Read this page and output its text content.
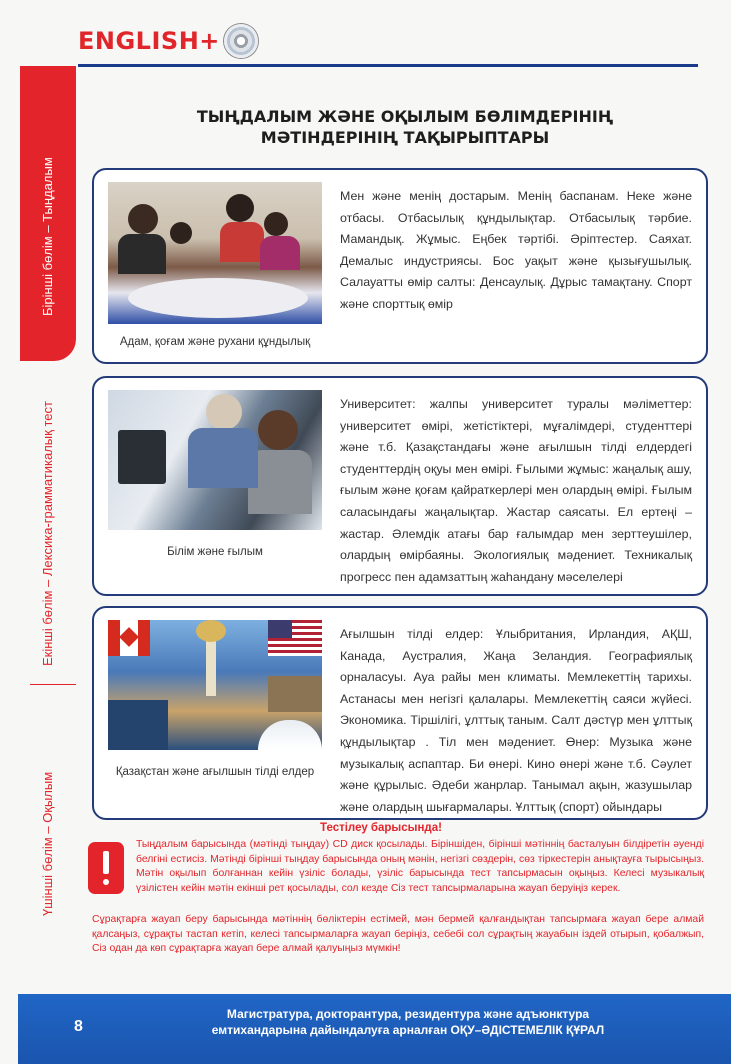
ENGLISH+
Бірінші бөлім – Тыңдалым
Екінші бөлім – Лексика-грамматикалық тест
Үшінші бөлім – Оқылым
ТЫҢДАЛЫМ ЖӘНЕ ОҚЫЛЫМ БӨЛІМДЕРІНІҢ
МӘТІНДЕРІНІҢ ТАҚЫРЫПТАРЫ
Адам, қоғам және рухани құндылық
Мен және менің достарым. Менің баспанам. Неке және отбасы. Отбасылық құндылықтар. Отбасылық тәрбие. Мамандық. Жұмыс. Еңбек тәртібі. Әріптестер. Саяхат. Демалыс индустриясы. Бос уақыт және қызығушылық. Салауатты өмір салты: Денсаулық. Дұрыс тамақтану. Спорт және спорттық өмір
Білім және ғылым
Университет: жалпы университет туралы мәліметтер: университет өмірі, жетістіктері, мұғалімдері, студенттері және т.б. Қазақстандағы және ағылшын тілді елдердегі студенттердің оқуы мен өмірі. Ғылыми жұмыс: жаңалық ашу, ғылым және қоғам қайраткерлері мен олардың өмірі. Ғылым саласындағы жаңалықтар. Жастар саясаты. Ел ертеңі – жастар. Әлемдік атағы бар ғалымдар мен зерттеушілер, олардың өмірбаяны. Экологиялық мәдениет. Техникалық прогресс пен адамзаттың жаһандану мәселелері
Қазақстан және ағылшын тілді елдер
Ағылшын тілді елдер: Ұлыбритания, Ирландия, АҚШ, Канада, Аустралия, Жаңа Зеландия. Географиялық орналасуы. Ауа райы мен климаты. Мемлекеттің тарихы. Астанасы мен негізгі қалалары. Мемлекеттің саяси жүйесі. Экономика. Тіршілігі, ұлттық таным. Салт дәстүр мен ұлттық құндылықтар . Тіл мен мәдениет. Өнер: Музыка және музыкалық аспаптар. Би өнері. Кино өнері және т.б. Сәулет және құрылыс. Әдеби жанрлар. Танымал ақын, жазушылар және олардың шығармалары. Ұлттық (спорт) ойындары
Тестілеу барысында!
Тыңдалым барысында (мәтінді тыңдау) CD диск қосылады. Біріншіден, бірінші мәтіннің басталуын білдіретін әуенді белгіні естисіз. Мәтінді бірінші тыңдау барысында оның мәнін, негізгі сөздерін, сөз тіркестерін анықтауға тырысыңыз. Мәтін оқылып болғаннан кейін үзіліс болады, үзіліс барысында тест тапсырмасын оқыңыз. Келесі музыкалық үзілістен кейін мәтін екінші рет қосылады, сол кезде Сіз тест тапсырмаларына жауап беруіңіз керек.
Сұрақтарға жауап беру барысында мәтіннің бөліктерін естімей, мән бермей қалғандықтан тапсырмаға жауап бере алмай қалсаңыз, сұрақты тастап кетіп, келесі тапсырмаларға жауап беріңіз, себебі сол сұрақтың жауабын іздей отырып, қобалжып, Сіз одан да көп сұрақтарға жауап бере алмай қалуыңыз мүмкін!
8
Магистратура, докторантура, резидентура және адъюнктура
емтихандарына дайындалуға арналған ОҚУ–ӘДІСТЕМЕЛІК ҚҰРАЛ
